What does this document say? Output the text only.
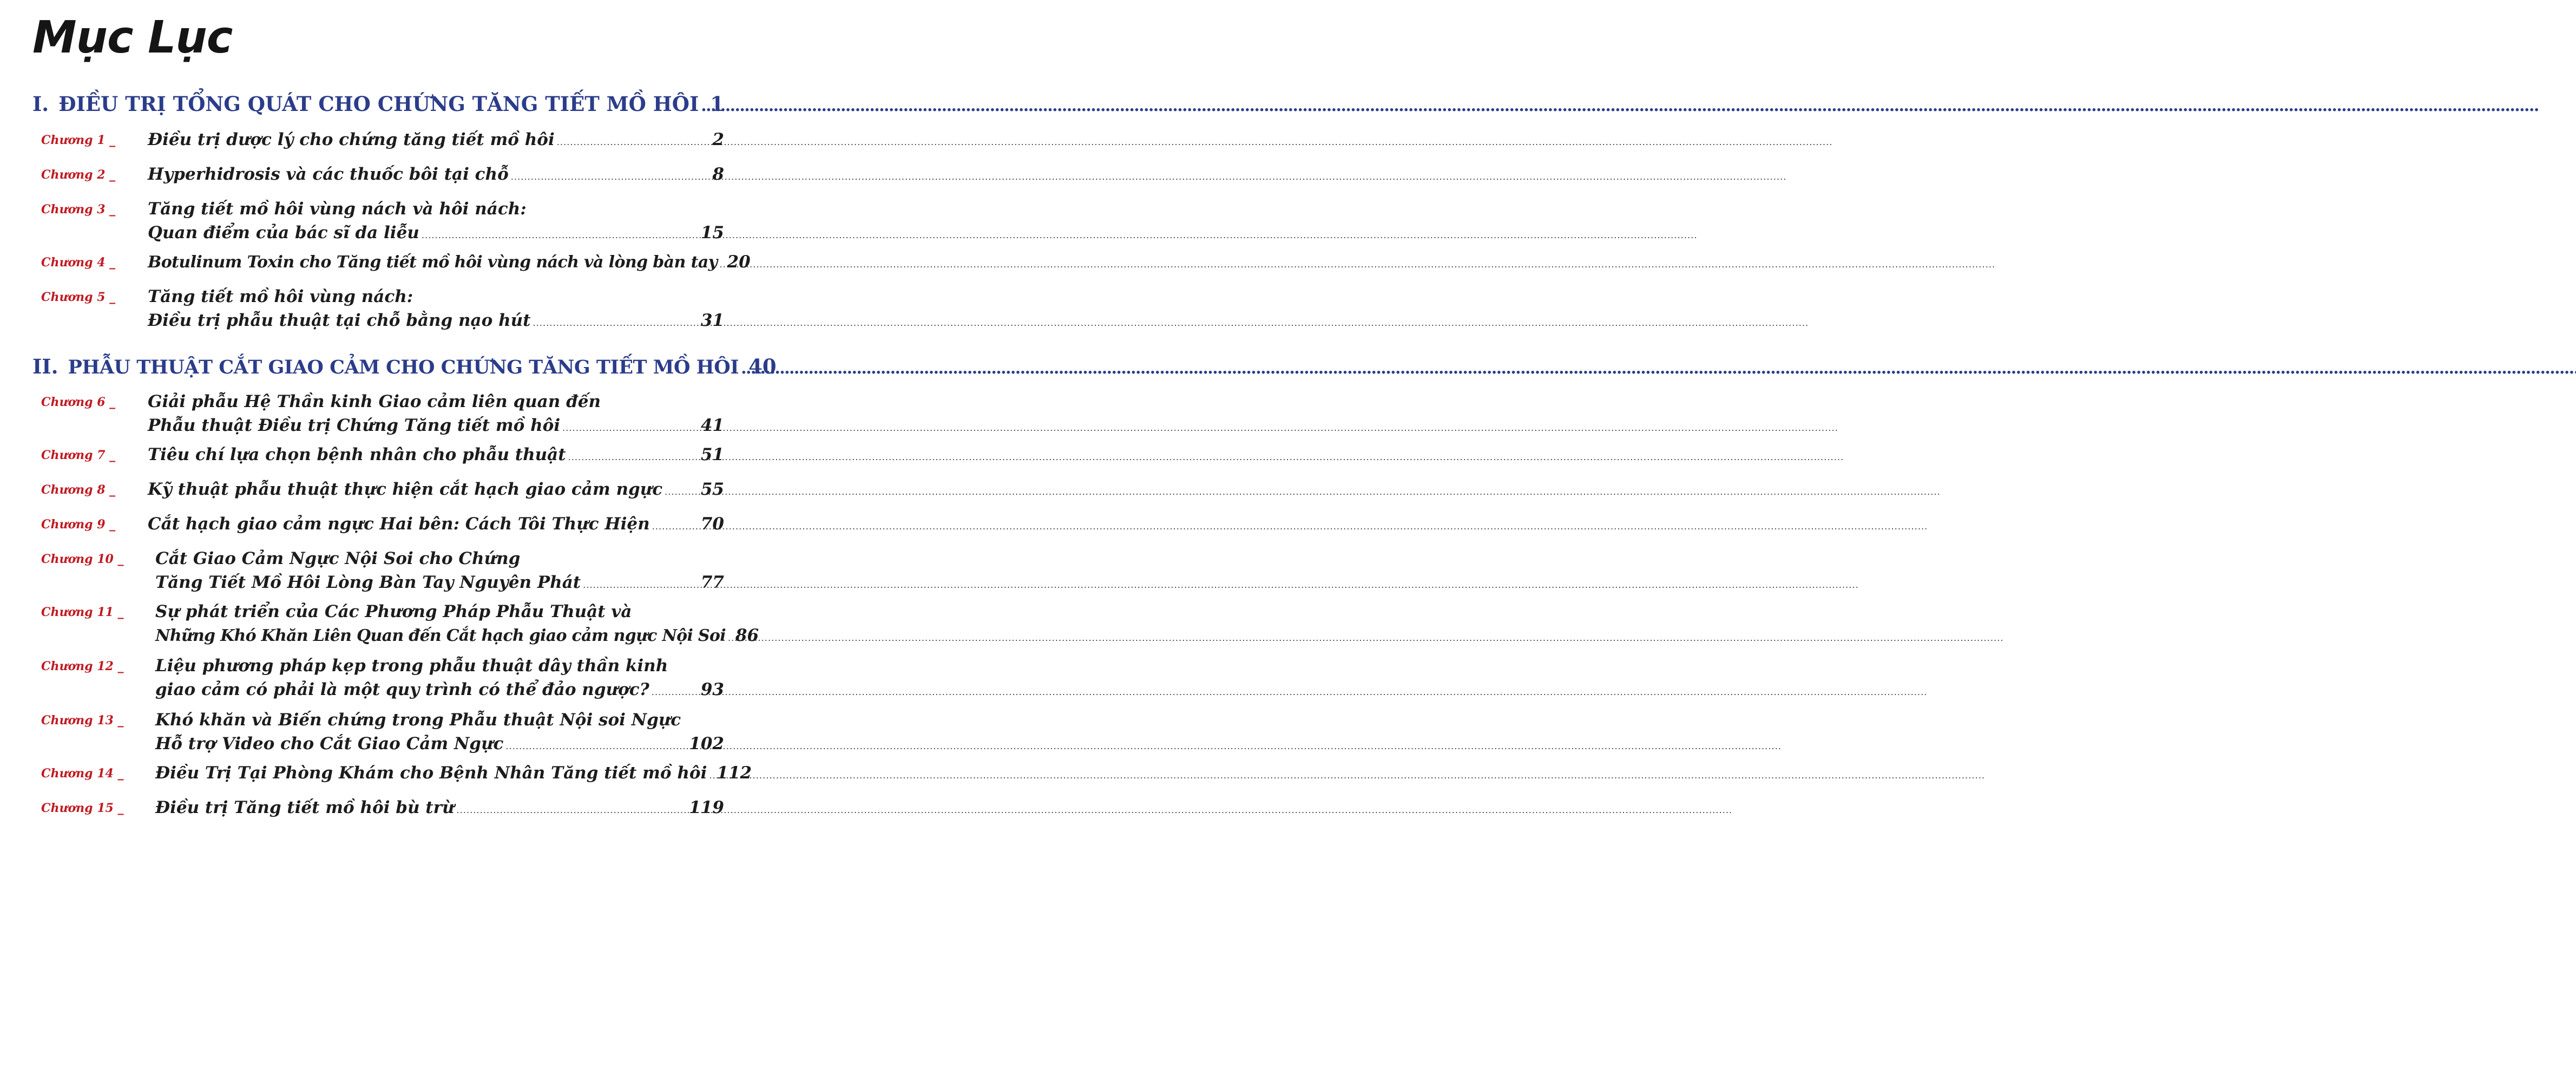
Mục Lục
I. ĐIỀU TRỊ TỔNG QUÁT CHO CHỨNG TĂNG TIẾT MỒ HÔI . . . 1
Chương 1 _ Điều trị dược lý cho chứng tăng tiết mồ hôi . . .	2
Chương 2 _ Hyperhidrosis và các thuốc bôi tại chỗ . . .	8
Chương 3 _ Tăng tiết mồ hôi vùng nách và hôi nách:
Quan điểm của bác sĩ da liễu . . .	15
Chương 4 _ Botulinum Toxin cho Tăng tiết mồ hôi vùng nách và lòng bàn tay . . . 20
Chương 5 _ Tăng tiết mồ hôi vùng nách:
Điều trị phẫu thuật tại chỗ bằng nạo hút . . .	31
II. PHẪU THUẬT CẮT GIAO CẢM CHO CHỨNG TĂNG TIẾT MỒ HÔI . . . 40
Chương 6 _ Giải phẫu Hệ Thần kinh Giao cảm liên quan đến
Phẫu thuật Điều trị Chứng Tăng tiết mồ hôi . . .	41
Chương 7 _ Tiêu chí lựa chọn bệnh nhân cho phẫu thuật . . .	51
Chương 8 _ Kỹ thuật phẫu thuật thực hiện cắt hạch giao cảm ngực . . . 55
Chương 9 _ Cắt hạch giao cảm ngực Hai bên: Cách Tôi Thực Hiện . . .	70
Chương 10 _ Cắt Giao Cảm Ngực Nội Soi cho Chứng
Tăng Tiết Mồ Hôi Lòng Bàn Tay Nguyên Phát . . .	77
Chương 11 _ Sự phát triển của Các Phương Pháp Phẫu Thuật và
Những Khó Khăn Liên Quan đến Cắt hạch giao cảm ngực Nội Soi . . . 86
Chương 12 _ Liệu phương pháp kẹp trong phẫu thuật dây thần kinh
giao cảm có phải là một quy trình có thể đảo ngược? . . .	93
Chương 13 _ Khó khăn và Biến chứng trong Phẫu thuật Nội soi Ngực
Hỗ trợ Video cho Cắt Giao Cảm Ngực . . .	102
Chương 14 _ Điều Trị Tại Phòng Khám cho Bệnh Nhân Tăng tiết mồ hôi . . . 112
Chương 15 _ Điều trị Tăng tiết mồ hôi bù trừ . . .	119
